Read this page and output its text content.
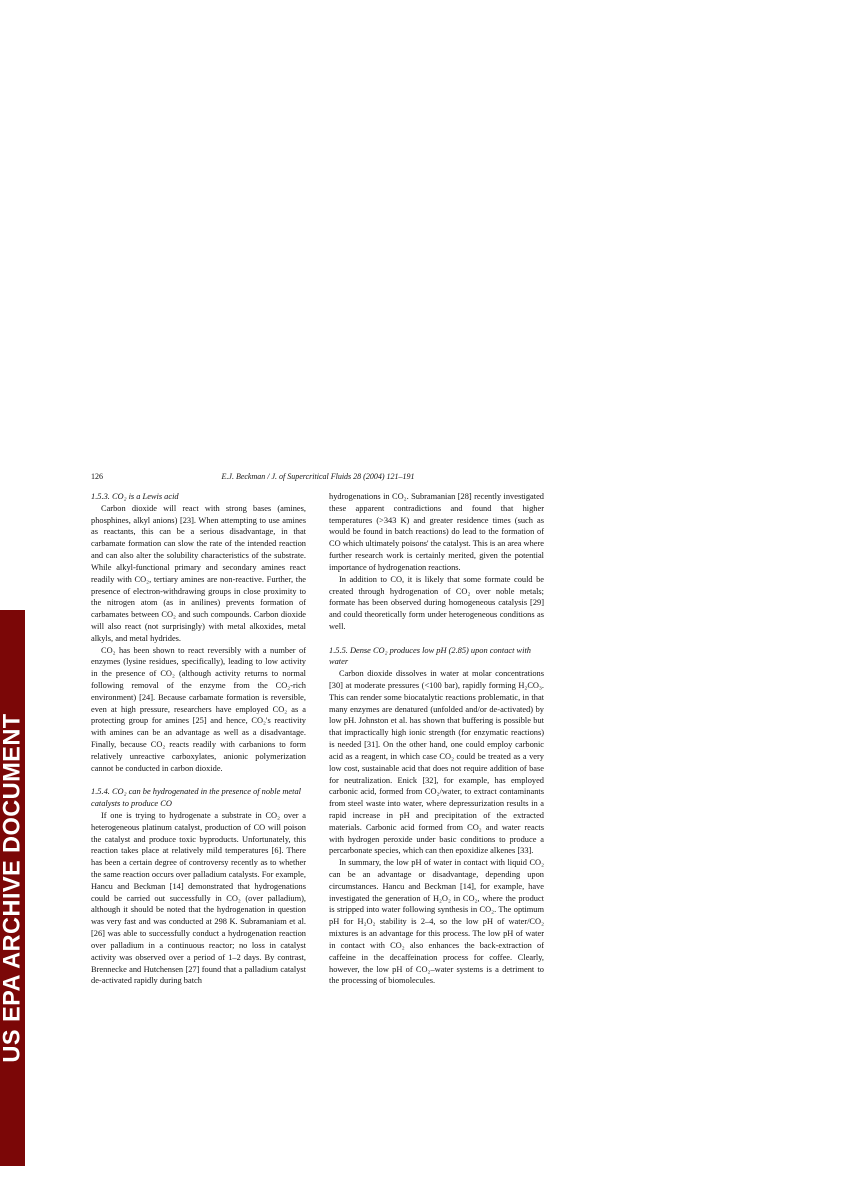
US EPA ARCHIVE DOCUMENT
126	E.J. Beckman / J. of Supercritical Fluids 28 (2004) 121–191
1.5.3. CO₂ is a Lewis acid

Carbon dioxide will react with strong bases (amines, phosphines, alkyl anions) [23]. When attempting to use amines as reactants, this can be a serious disadvantage, in that carbamate formation can slow the rate of the intended reaction and can also alter the solubility characteristics of the substrate. While alkyl-functional primary and secondary amines react readily with CO₂, tertiary amines are non-reactive. Further, the presence of electron-withdrawing groups in close proximity to the nitrogen atom (as in anilines) prevents formation of carbamates between CO₂ and such compounds. Carbon dioxide will also react (not surprisingly) with metal alkoxides, metal alkyls, and metal hydrides.

CO₂ has been shown to react reversibly with a number of enzymes (lysine residues, specifically), leading to low activity in the presence of CO₂ (although activity returns to normal following removal of the enzyme from the CO₂-rich environment) [24]. Because carbamate formation is reversible, even at high pressure, researchers have employed CO₂ as a protecting group for amines [25] and hence, CO₂'s reactivity with amines can be an advantage as well as a disadvantage. Finally, because CO₂ reacts readily with carbanions to form relatively unreactive carboxylates, anionic polymerization cannot be conducted in carbon dioxide.

1.5.4. CO₂ can be hydrogenated in the presence of noble metal catalysts to produce CO

If one is trying to hydrogenate a substrate in CO₂ over a heterogeneous platinum catalyst, production of CO will poison the catalyst and produce toxic byproducts. Unfortunately, this reaction takes place at relatively mild temperatures [6]. There has been a certain degree of controversy recently as to whether the same reaction occurs over palladium catalysts. For example, Hancu and Beckman [14] demonstrated that hydrogenations could be carried out successfully in CO₂ (over palladium), although it should be noted that the hydrogenation in question was very fast and was conducted at 298 K. Subramaniam et al. [26] was able to successfully conduct a hydrogenation reaction over palladium in a continuous reactor; no loss in catalyst activity was observed over a period of 1–2 days. By contrast, Brennecke and Hutchensen [27] found that a palladium catalyst de-activated rapidly during batch

hydrogenations in CO₂. Subramanian [28] recently investigated these apparent contradictions and found that higher temperatures (>343 K) and greater residence times (such as would be found in batch reactions) do lead to the formation of CO which ultimately poisons' the catalyst. This is an area where further research work is certainly merited, given the potential importance of hydrogenation reactions.

In addition to CO, it is likely that some formate could be created through hydrogenation of CO₂ over noble metals; formate has been observed during homogeneous catalysis [29] and could theoretically form under heterogeneous conditions as well.

1.5.5. Dense CO₂ produces low pH (2.85) upon contact with water

Carbon dioxide dissolves in water at molar concentrations [30] at moderate pressures (<100 bar), rapidly forming H₂CO₃. This can render some biocatalytic reactions problematic, in that many enzymes are denatured (unfolded and/or de-activated) by low pH. Johnston et al. has shown that buffering is possible but that impractically high ionic strength (for enzymatic reactions) is needed [31]. On the other hand, one could employ carbonic acid as a reagent, in which case CO₂ could be treated as a very low cost, sustainable acid that does not require addition of base for neutralization. Enick [32], for example, has employed carbonic acid, formed from CO₂/water, to extract contaminants from steel waste into water, where depressurization results in a rapid increase in pH and precipitation of the extracted materials. Carbonic acid formed from CO₂ and water reacts with hydrogen peroxide under basic conditions to produce a percarbonate species, which can then epoxidize alkenes [33].

In summary, the low pH of water in contact with liquid CO₂ can be an advantage or disadvantage, depending upon circumstances. Hancu and Beckman [14], for example, have investigated the generation of H₂O₂ in CO₂, where the product is stripped into water following synthesis in CO₂. The optimum pH for H₂O₂ stability is 2–4, so the low pH of water/CO₂ mixtures is an advantage for this process. The low pH of water in contact with CO₂ also enhances the back-extraction of caffeine in the decaffeination process for coffee. Clearly, however, the low pH of CO₂–water systems is a detriment to the processing of biomolecules.
